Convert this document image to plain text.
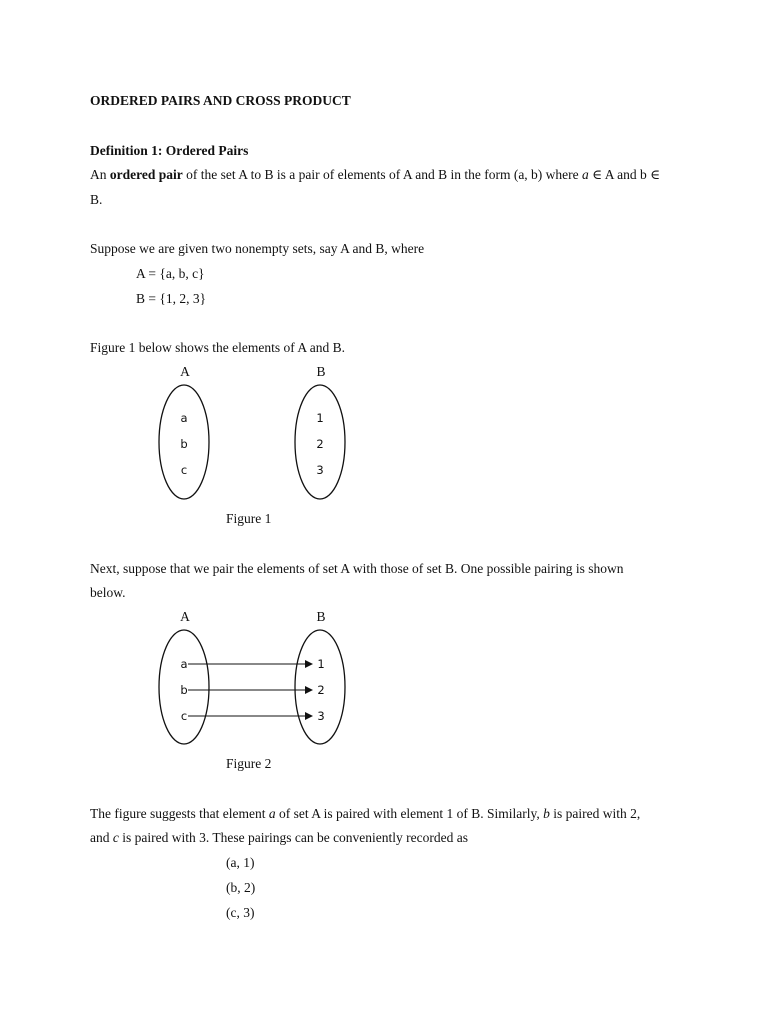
ORDERED PAIRS AND CROSS PRODUCT
Definition 1: Ordered Pairs
An ordered pair of the set A to B is a pair of elements of A and B in the form (a, b) where a ∈ A and b ∈
B.
Suppose we are given two nonempty sets, say A and B, where
A = {a, b, c}
B = {1, 2, 3}
Figure 1 below shows the elements of A and B.
A	B
a
b
c
1
2
3
Figure 1
Next, suppose that we pair the elements of set A with those of set B. One possible pairing is shown
below.
A	B
a
b
c
1
2
3
Figure 2
The figure suggests that element a of set A is paired with element 1 of B. Similarly, b is paired with 2,
and c is paired with 3. These pairings can be conveniently recorded as
(a, 1)
(b, 2)
(c, 3)
